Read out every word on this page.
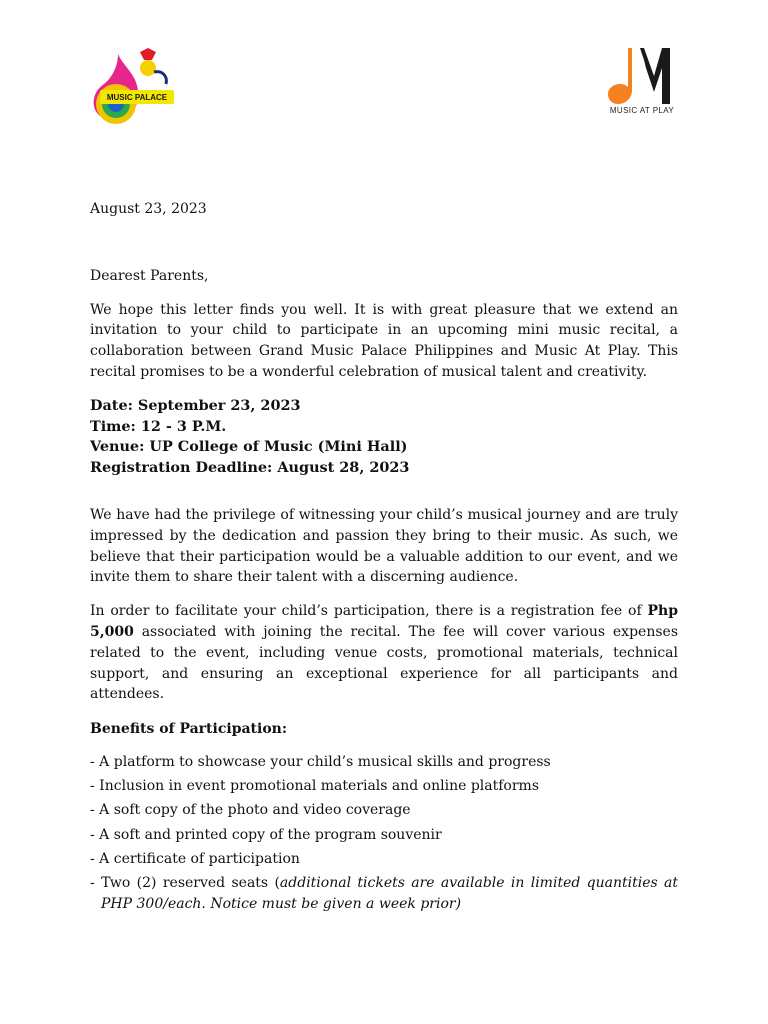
MUSIC PALACE
MUSIC AT PLAY

August 23, 2023

Dearest Parents,

We hope this letter finds you well. It is with great pleasure that we extend an invitation to your child to participate in an upcoming mini music recital, a collaboration between Grand Music Palace Philippines and Music At Play. This recital promises to be a wonderful celebration of musical talent and creativity.

Date: September 23, 2023
Time: 12 - 3 P.M.
Venue: UP College of Music (Mini Hall)
Registration Deadline: August 28, 2023

We have had the privilege of witnessing your child’s musical journey and are truly impressed by the dedication and passion they bring to their music. As such, we believe that their participation would be a valuable addition to our event, and we invite them to share their talent with a discerning audience.

In order to facilitate your child’s participation, there is a registration fee of Php 5,000 associated with joining the recital. The fee will cover various expenses related to the event, including venue costs, promotional materials, technical support, and ensuring an exceptional experience for all participants and attendees.

Benefits of Participation:

- A platform to showcase your child’s musical skills and progress
- Inclusion in event promotional materials and online platforms
- A soft copy of the photo and video coverage
- A soft and printed copy of the program souvenir
- A certificate of participation
- Two (2) reserved seats (additional tickets are available in limited quantities at PHP 300/each. Notice must be given a week prior)
